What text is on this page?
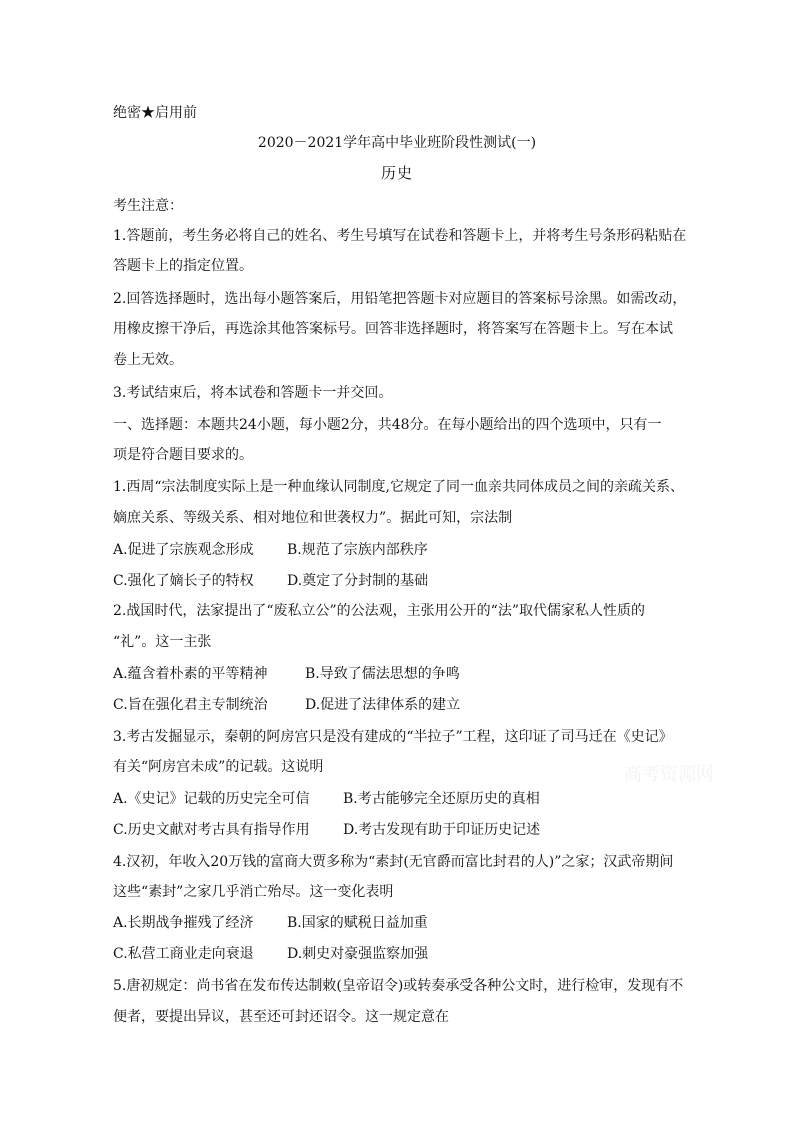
绝密★启用前
2020－2021学年高中毕业班阶段性测试(一)
历史
考生注意：
1.答题前，考生务必将自己的姓名、考生号填写在试卷和答题卡上，并将考生号条形码粘贴在
答题卡上的指定位置。
2.回答选择题时，选出每小题答案后，用铅笔把答题卡对应题目的答案标号涂黑。如需改动，
用橡皮擦干净后，再选涂其他答案标号。回答非选择题时，将答案写在答题卡上。写在本试
卷上无效。
3.考试结束后，将本试卷和答题卡一并交回。
一、选择题：本题共24小题，每小题2分，共48分。在每小题给出的四个选项中，只有一
项是符合题目要求的。
1.西周“宗法制度实际上是一种血缘认同制度,它规定了同一血亲共同体成员之间的亲疏关系、
嫡庶关系、等级关系、相对地位和世袭权力”。据此可知，宗法制
A.促进了宗族观念形成 B.规范了宗族内部秩序
C.强化了嫡长子的特权 D.奠定了分封制的基础
2.战国时代，法家提出了“废私立公”的公法观，主张用公开的“法”取代儒家私人性质的
“礼”。这一主张
A.蕴含着朴素的平等精神	B.导致了儒法思想的争鸣
C.旨在强化君主专制统治	D.促进了法律体系的建立
3.考古发掘显示，秦朝的阿房宫只是没有建成的“半拉子”工程，这印证了司马迁在《史记》
有关“阿房宫未成”的记载。这说明
A.《史记》记载的历史完全可信 B.考古能够完全还原历史的真相
C.历史文献对考古具有指导作用 D.考古发现有助于印证历史记述
4.汉初，年收入20万钱的富商大贾多称为“素封(无官爵而富比封君的人)”之家；汉武帝期间
这些“素封”之家几乎消亡殆尽。这一变化表明
A.长期战争摧残了经济 B.国家的赋税日益加重
C.私营工商业走向衰退 D.刺史对豪强监察加强
5.唐初规定：尚书省在发布传达制敕(皇帝诏令)或转奏承受各种公文时，进行检审，发现有不
便者，要提出异议，甚至还可封还诏令。这一规定意在
高考资源网
